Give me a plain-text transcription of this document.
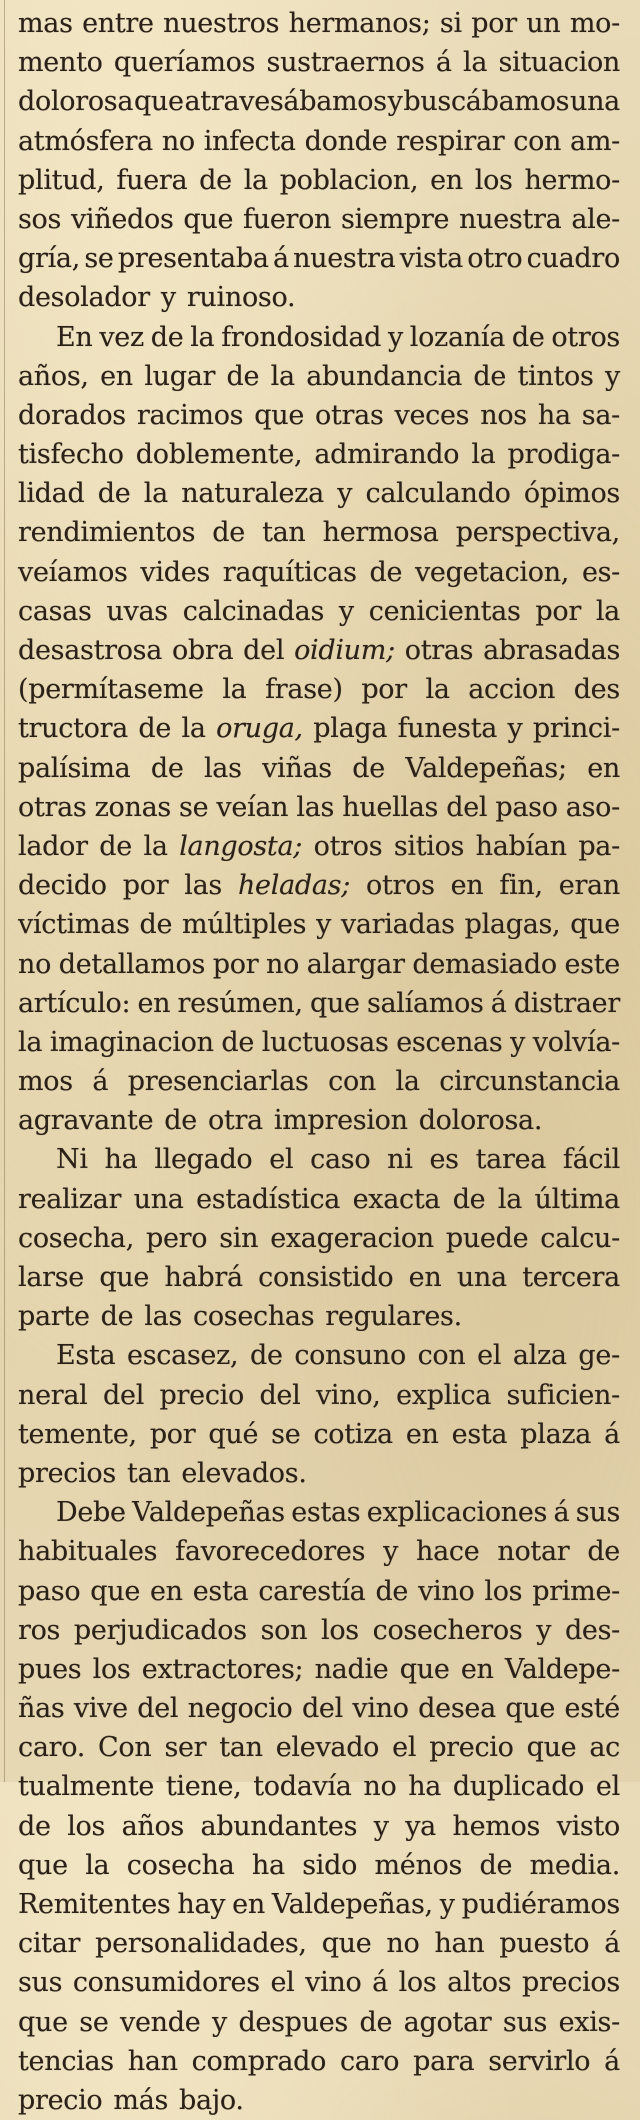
mas entre nuestros hermanos; si por un mo-
mento queríamos sustraernos á la situacion
dolorosa que atravesábamos y buscábamos una
atmósfera no infecta donde respirar con am-
plitud, fuera de la poblacion, en los hermo-
sos viñedos que fueron siempre nuestra ale-
gría, se presentaba á nuestra vista otro cuadro
desolador y ruinoso.
En vez de la frondosidad y lozanía de otros
años, en lugar de la abundancia de tintos y
dorados racimos que otras veces nos ha sa-
tisfecho doblemente, admirando la prodiga-
lidad de la naturaleza y calculando ópimos
rendimientos de tan hermosa perspectiva,
veíamos vides raquíticas de vegetacion, es-
casas uvas calcinadas y cenicientas por la
desastrosa obra del oidium; otras abrasadas
(permítaseme la frase) por la accion des
tructora de la oruga, plaga funesta y princi-
palísima de las viñas de Valdepeñas; en
otras zonas se veían las huellas del paso aso-
lador de la langosta; otros sitios habían pa-
decido por las heladas; otros en fin, eran
víctimas de múltiples y variadas plagas, que
no detallamos por no alargar demasiado este
artículo: en resúmen, que salíamos á distraer
la imaginacion de luctuosas escenas y volvía-
mos á presenciarlas con la circunstancia
agravante de otra impresion dolorosa.
Ni ha llegado el caso ni es tarea fácil
realizar una estadística exacta de la última
cosecha, pero sin exageracion puede calcu-
larse que habrá consistido en una tercera
parte de las cosechas regulares.
Esta escasez, de consuno con el alza ge-
neral del precio del vino, explica suficien-
temente, por qué se cotiza en esta plaza á
precios tan elevados.
Debe Valdepeñas estas explicaciones á sus
habituales favorecedores y hace notar de
paso que en esta carestía de vino los prime-
ros perjudicados son los cosecheros y des-
pues los extractores; nadie que en Valdepe-
ñas vive del negocio del vino desea que esté
caro. Con ser tan elevado el precio que ac
tualmente tiene, todavía no ha duplicado el
de los años abundantes y ya hemos visto
que la cosecha ha sido ménos de media.
Remitentes hay en Valdepeñas, y pudiéramos
citar personalidades, que no han puesto á
sus consumidores el vino á los altos precios
que se vende y despues de agotar sus exis-
tencias han comprado caro para servirlo á
precio más bajo.
